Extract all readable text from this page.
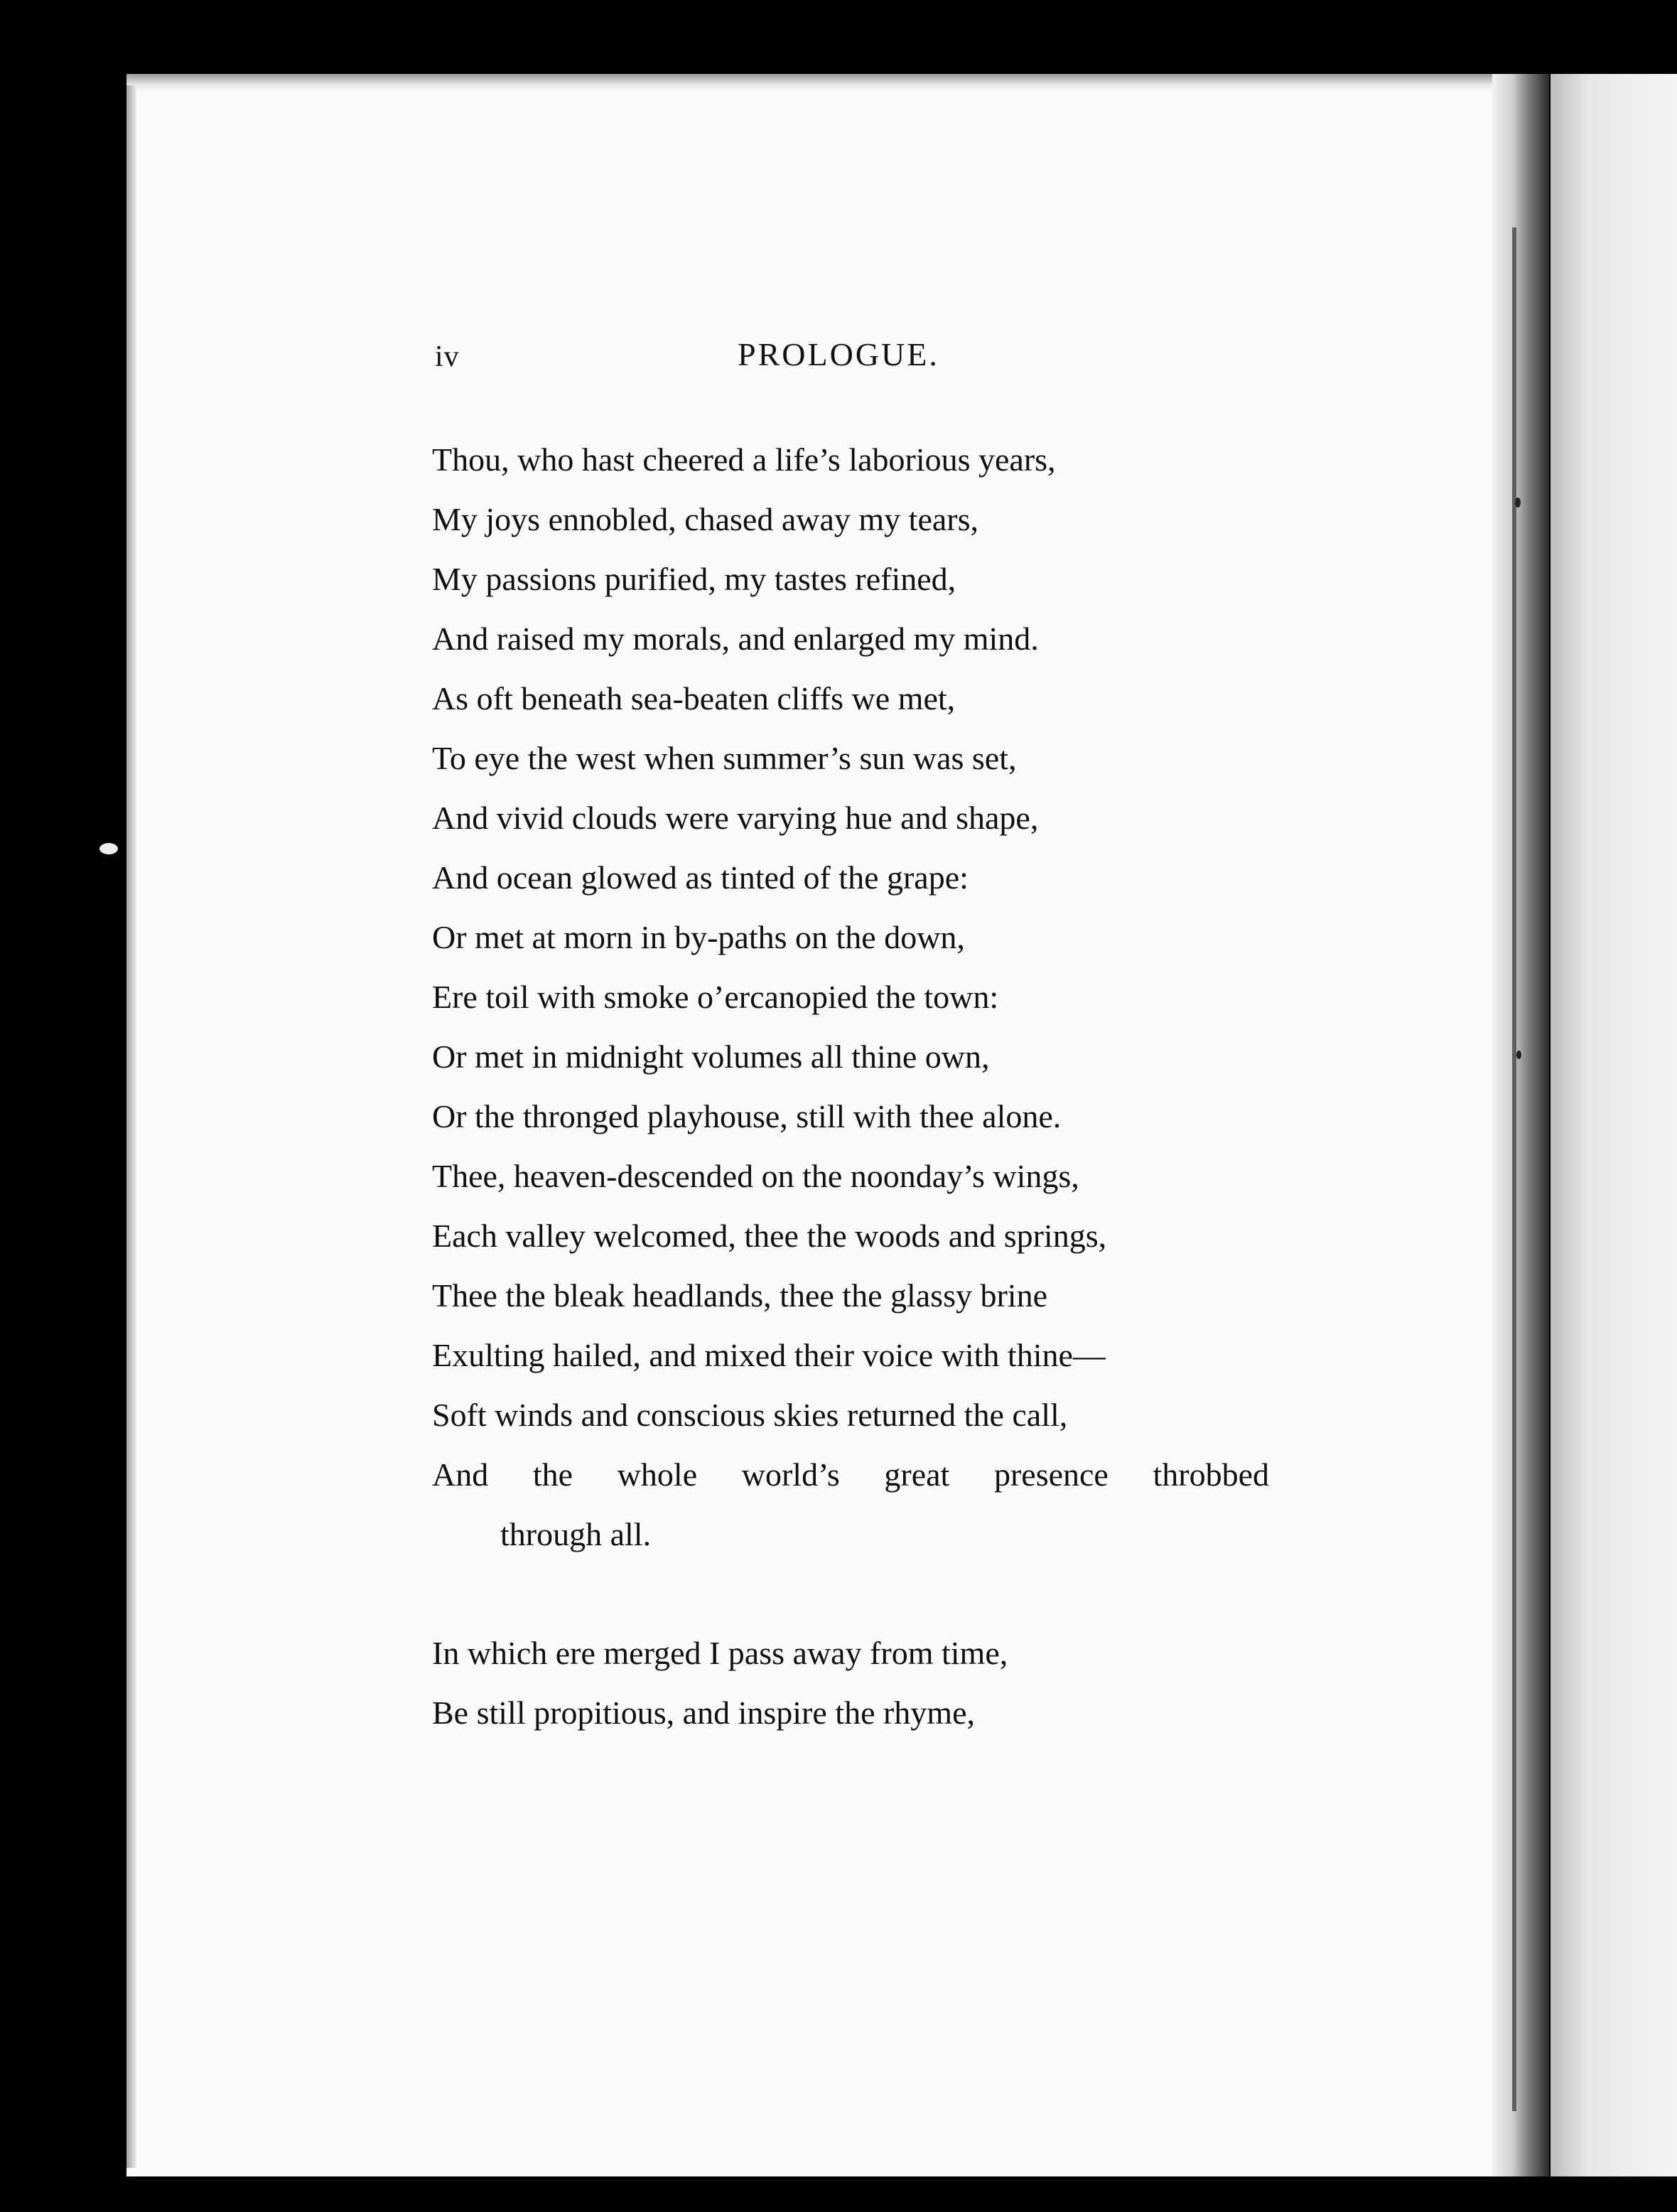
iv	PROLOGUE.
Thou, who hast cheered a life’s laborious years,
My joys ennobled, chased away my tears,
My passions purified, my tastes refined,
And raised my morals, and enlarged my mind.
As oft beneath sea-beaten cliffs we met,
To eye the west when summer’s sun was set,
And vivid clouds were varying hue and shape,
And ocean glowed as tinted of the grape:
Or met at morn in by-paths on the down,
Ere toil with smoke o’ercanopied the town:
Or met in midnight volumes all thine own,
Or the thronged playhouse, still with thee alone.
Thee, heaven-descended on the noonday’s wings,
Each valley welcomed, thee the woods and springs,
Thee the bleak headlands, thee the glassy brine
Exulting hailed, and mixed their voice with thine—
Soft winds and conscious skies returned the call,
And the whole world’s great presence throbbed
through all.
In which ere merged I pass away from time,
Be still propitious, and inspire the rhyme,
